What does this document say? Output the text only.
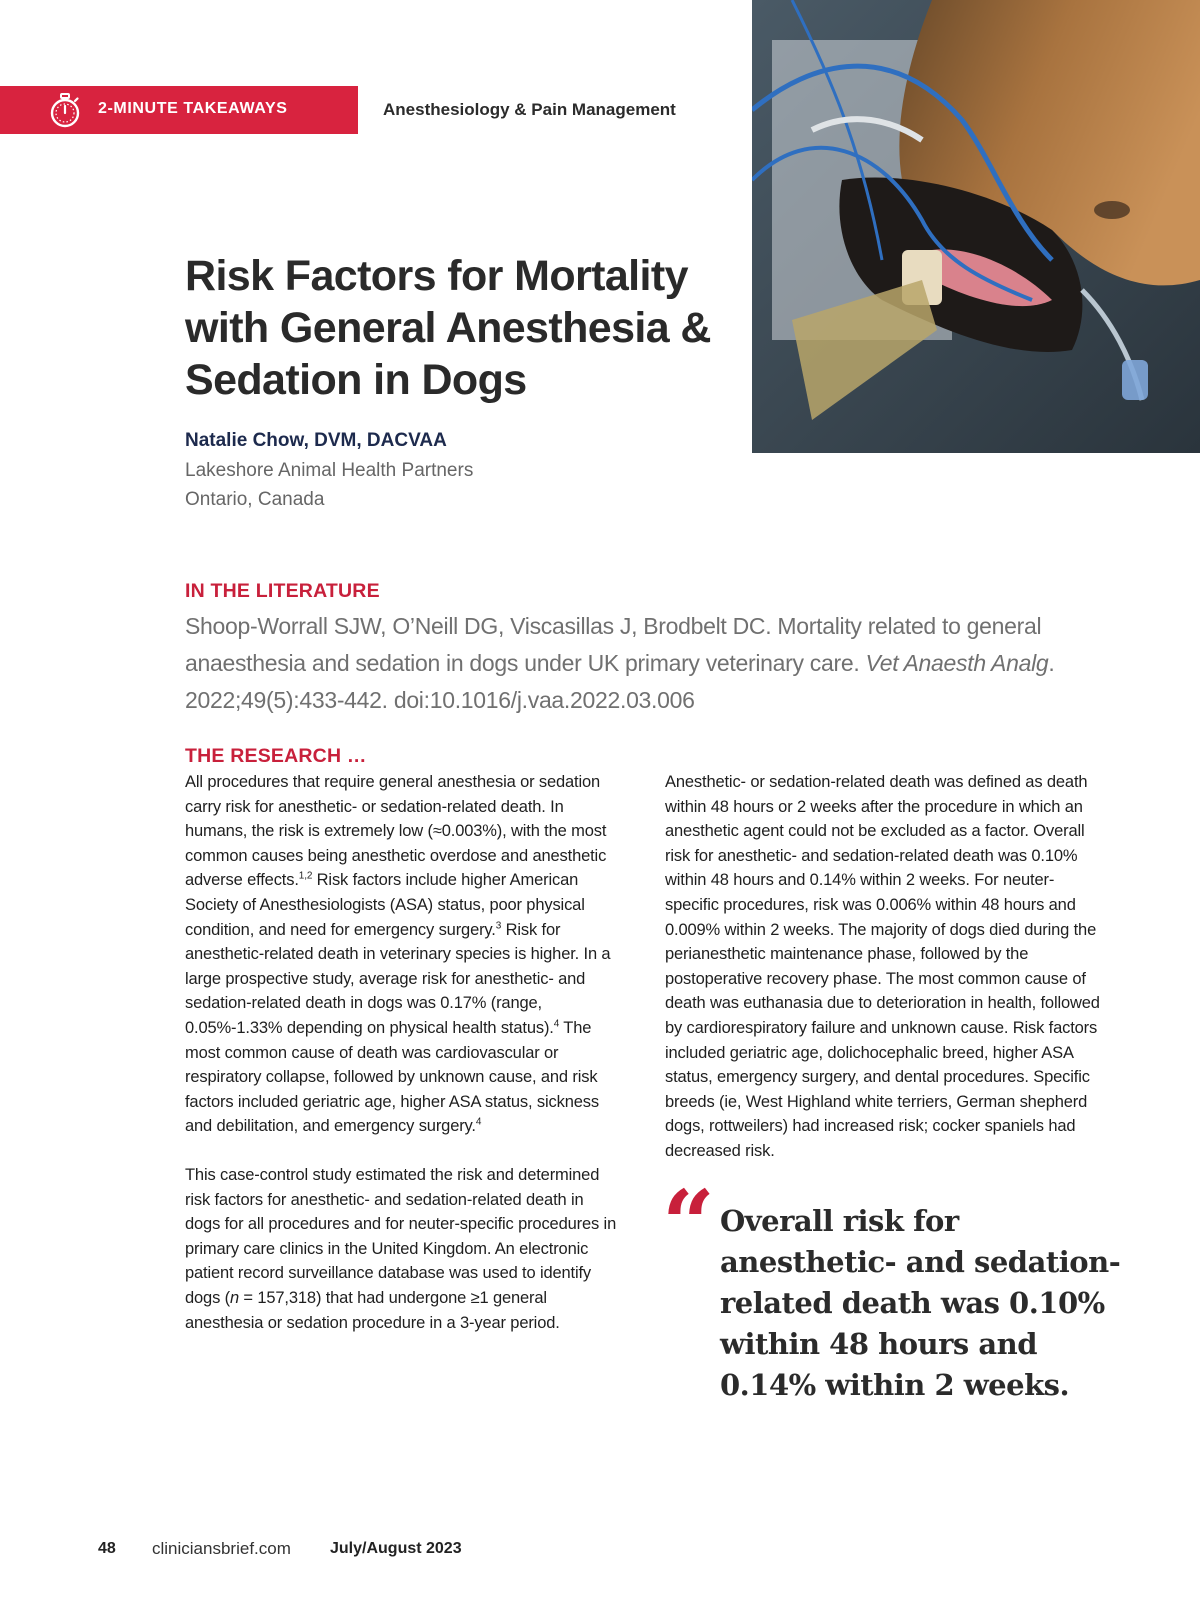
2-MINUTE TAKEAWAYS	Anesthesiology & Pain Management
Risk Factors for Mortality with General Anesthesia & Sedation in Dogs
Natalie Chow, DVM, DACVAA
Lakeshore Animal Health Partners
Ontario, Canada
IN THE LITERATURE

Shoop-Worrall SJW, O’Neill DG, Viscasillas J, Brodbelt DC. Mortality related to general anaesthesia and sedation in dogs under UK primary veterinary care. Vet Anaesth Analg. 2022;49(5):433-442. doi:10.1016/j.vaa.2022.03.006

THE RESEARCH …

All procedures that require general anesthesia or sedation carry risk for anesthetic- or sedation-related death. In humans, the risk is extremely low (≈0.003%), with the most common causes being anesthetic overdose and anesthetic adverse effects.$^{1,2}$ Risk factors include higher American Society of Anesthesiologists (ASA) status, poor physical condition, and need for emergency surgery.$^3$ Risk for anesthetic-related death in veterinary species is higher. In a large prospective study, average risk for anesthetic- and sedation-related death in dogs was 0.17% (range, 0.05%-1.33% depending on physical health status).$^4$ The most common cause of death was cardiovascular or respiratory collapse, followed by unknown cause, and risk factors included geriatric age, higher ASA status, sickness and debilitation, and emergency surgery.$^4$

This case-control study estimated the risk and determined risk factors for anesthetic- and sedation-related death in dogs for all procedures and for neuter-specific procedures in primary care clinics in the United Kingdom. An electronic patient record surveillance database was used to identify dogs (n = 157,318) that had undergone ≥1 general anesthesia or sedation procedure in a 3-year period.

Anesthetic- or sedation-related death was defined as death within 48 hours or 2 weeks after the procedure in which an anesthetic agent could not be excluded as a factor. Overall risk for anesthetic- and sedation-related death was 0.10% within 48 hours and 0.14% within 2 weeks. For neuter-specific procedures, risk was 0.006% within 48 hours and 0.009% within 2 weeks. The majority of dogs died during the perianesthetic maintenance phase, followed by the postoperative recovery phase. The most common cause of death was euthanasia due to deterioration in health, followed by cardiorespiratory failure and unknown cause. Risk factors included geriatric age, dolichocephalic breed, higher ASA status, emergency surgery, and dental procedures. Specific breeds (ie, West Highland white terriers, German shepherd dogs, rottweilers) had increased risk; cocker spaniels had decreased risk.

“ Overall risk for anesthetic- and sedation-related death was 0.10% within 48 hours and 0.14% within 2 weeks.

48 cliniciansbrief.com July/August 2023
